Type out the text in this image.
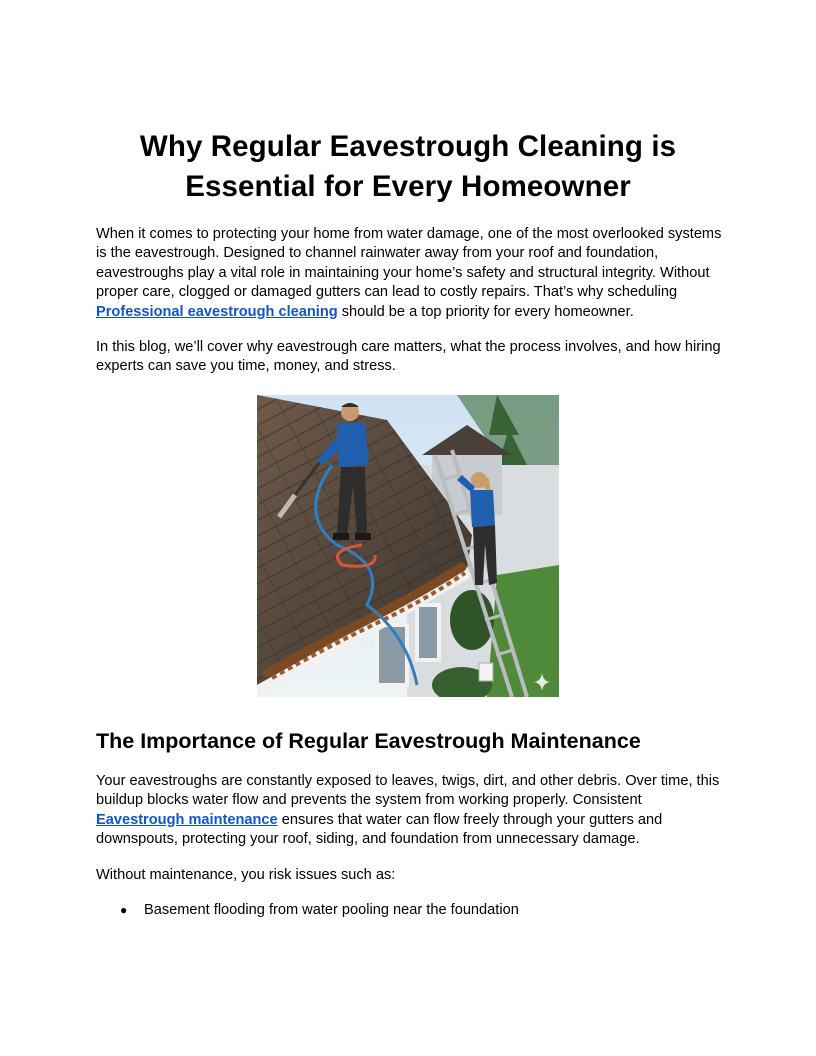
Why Regular Eavestrough Cleaning is Essential for Every Homeowner

When it comes to protecting your home from water damage, one of the most overlooked systems is the eavestrough. Designed to channel rainwater away from your roof and foundation, eavestroughs play a vital role in maintaining your home’s safety and structural integrity. Without proper care, clogged or damaged gutters can lead to costly repairs. That’s why scheduling Professional eavestrough cleaning should be a top priority for every homeowner.

In this blog, we’ll cover why eavestrough care matters, what the process involves, and how hiring experts can save you time, money, and stress.

The Importance of Regular Eavestrough Maintenance

Your eavestroughs are constantly exposed to leaves, twigs, dirt, and other debris. Over time, this buildup blocks water flow and prevents the system from working properly. Consistent Eavestrough maintenance ensures that water can flow freely through your gutters and downspouts, protecting your roof, siding, and foundation from unnecessary damage.

Without maintenance, you risk issues such as:

● Basement flooding from water pooling near the foundation
